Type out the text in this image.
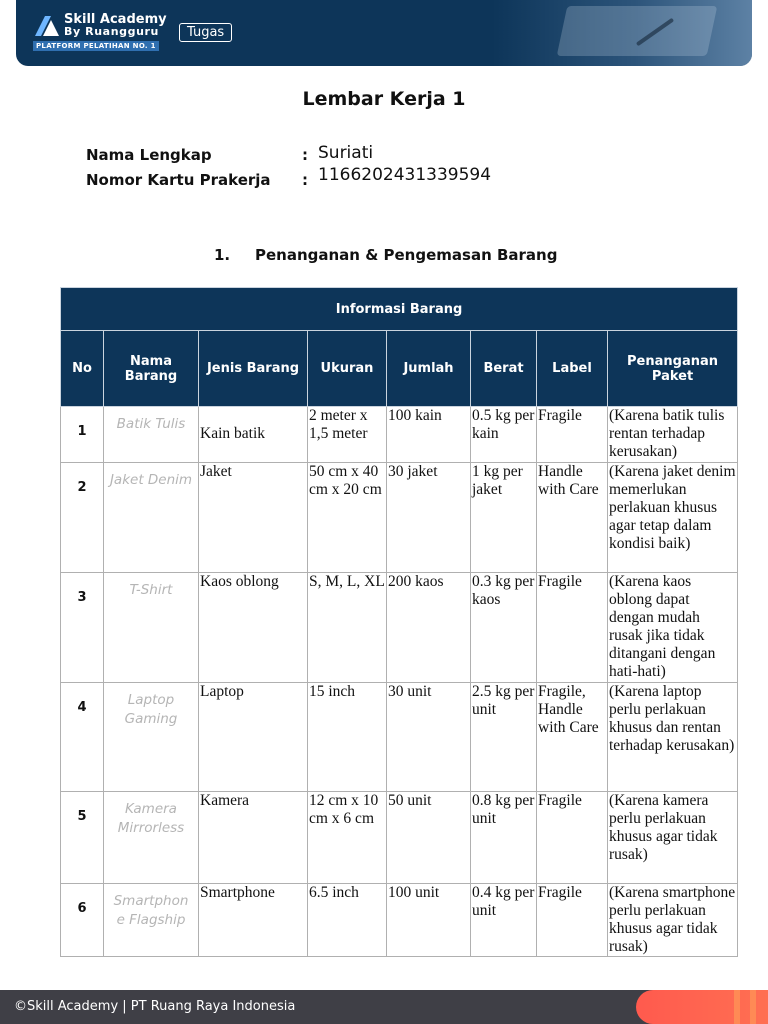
Skill Academy
By Ruangguru
PLATFORM PELATIHAN NO. 1
Tugas
Lembar Kerja 1
Nama Lengkap	: Suriati
Nomor Kartu Prakerja : 1166202431339594
1. Penanganan & Pengemasan Barang
Informasi Barang							
No	Nama Barang	Jenis Barang	Ukuran	Jumlah	Berat	Label	Penanganan Paket
1	Batik Tulis	Kain batik	2 meter x 1,5 meter	100 kain	0.5 kg per kain	Fragile	(Karena batik tulis rentan terhadap kerusakan)
2	Jaket Denim	Jaket	50 cm x 40 cm x 20 cm	30 jaket	1 kg per jaket	Handle with Care	(Karena jaket denim memerlukan perlakuan khusus agar tetap dalam kondisi baik)
3	T-Shirt	Kaos oblong	S, M, L, XL	200 kaos	0.3 kg per kaos	Fragile	(Karena kaos oblong dapat dengan mudah rusak jika tidak ditangani dengan hati-hati)
4	Laptop Gaming	Laptop	15 inch	30 unit	2.5 kg per unit	Fragile, Handle with Care	(Karena laptop perlu perlakuan khusus dan rentan terhadap kerusakan)
5	Kamera Mirrorless	Kamera	12 cm x 10 cm x 6 cm	50 unit	0.8 kg per unit	Fragile	(Karena kamera perlu perlakuan khusus agar tidak rusak)
6	Smartphone Flagship	Smartphone	6.5 inch	100 unit	0.4 kg per unit	Fragile	(Karena smartphone perlu perlakuan khusus agar tidak rusak)
©Skill Academy | PT Ruang Raya Indonesia
